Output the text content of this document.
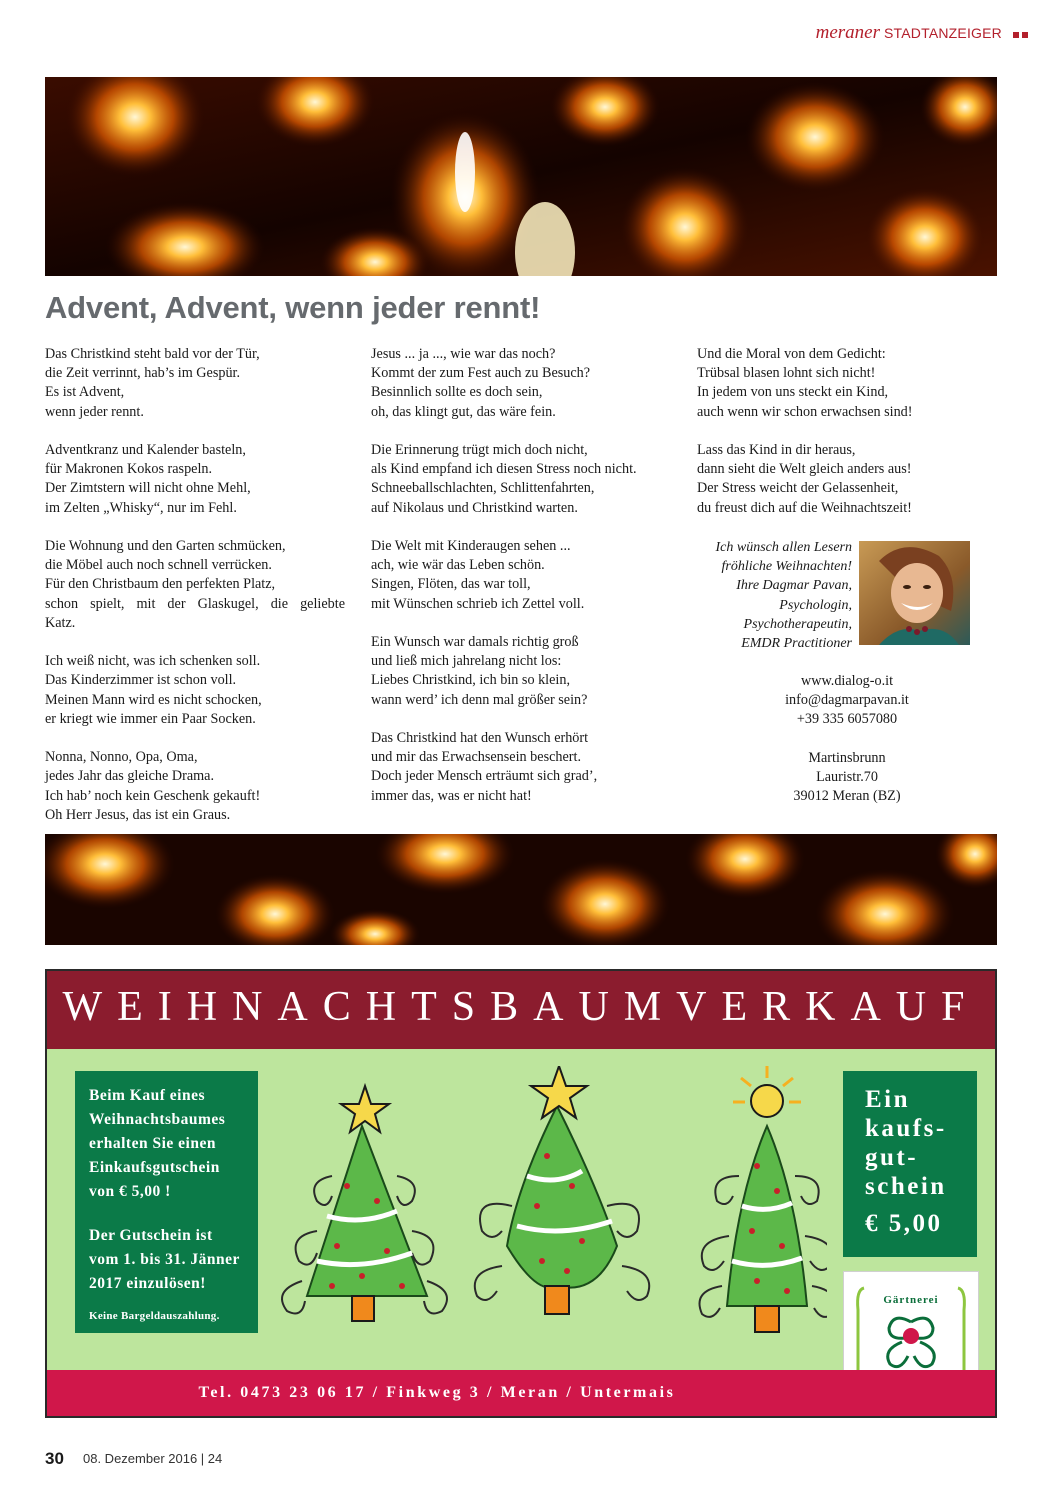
meraner STADTANZEIGER
Advent, Advent, wenn jeder rennt!
Das Christkind steht bald vor der Tür,
die Zeit verrinnt, hab’s im Gespür.
Es ist Advent,
wenn jeder rennt.
Adventkranz und Kalender basteln,
für Makronen Kokos raspeln.
Der Zimtstern will nicht ohne Mehl,
im Zelten „Whisky“, nur im Fehl.
Die Wohnung und den Garten schmücken,
die Möbel auch noch schnell verrücken.
Für den Christbaum den perfekten Platz,
schon spielt, mit der Glaskugel, die geliebte
Katz.
Ich weiß nicht, was ich schenken soll.
Das Kinderzimmer ist schon voll.
Meinen Mann wird es nicht schocken,
er kriegt wie immer ein Paar Socken.
Nonna, Nonno, Opa, Oma,
jedes Jahr das gleiche Drama.
Ich hab’ noch kein Geschenk gekauft!
Oh Herr Jesus, das ist ein Graus.
Jesus ... ja ..., wie war das noch?
Kommt der zum Fest auch zu Besuch?
Besinnlich sollte es doch sein,
oh, das klingt gut, das wäre fein.
Die Erinnerung trügt mich doch nicht,
als Kind empfand ich diesen Stress noch nicht.
Schneeballschlachten, Schlittenfahrten,
auf Nikolaus und Christkind warten.
Die Welt mit Kinderaugen sehen ...
ach, wie wär das Leben schön.
Singen, Flöten, das war toll,
mit Wünschen schrieb ich Zettel voll.
Ein Wunsch war damals richtig groß
und ließ mich jahrelang nicht los:
Liebes Christkind, ich bin so klein,
wann werd’ ich denn mal größer sein?
Das Christkind hat den Wunsch erhört
und mir das Erwachsensein beschert.
Doch jeder Mensch erträumt sich grad’,
immer das, was er nicht hat!
Und die Moral von dem Gedicht:
Trübsal blasen lohnt sich nicht!
In jedem von uns steckt ein Kind,
auch wenn wir schon erwachsen sind!
Lass das Kind in dir heraus,
dann sieht die Welt gleich anders aus!
Der Stress weicht der Gelassenheit,
du freust dich auf die Weihnachtszeit!
Ich wünsch allen Lesern
fröhliche Weihnachten!
Ihre Dagmar Pavan,
Psychologin,
Psychotherapeutin,
EMDR Practitioner
www.dialog-o.it
info@dagmarpavan.it
+39 335 6057080
Martinsbrunn
Lauristr.70
39012 Meran (BZ)
WEIHNACHTSBAUMVERKAUF
Beim Kauf eines
Weihnachtsbaumes
erhalten Sie einen
Einkaufsgutschein
von € 5,00 !
Der Gutschein ist
vom 1. bis 31. Jänner
2017 einzulösen!
Keine Bargeldauszahlung.
Ein
kaufs-
gut-
schein
€ 5,00
Gärtnerei
Tel. 0473 23 06 17 / Finkweg 3 / Meran / Untermais
30 08. Dezember 2016 | 24
